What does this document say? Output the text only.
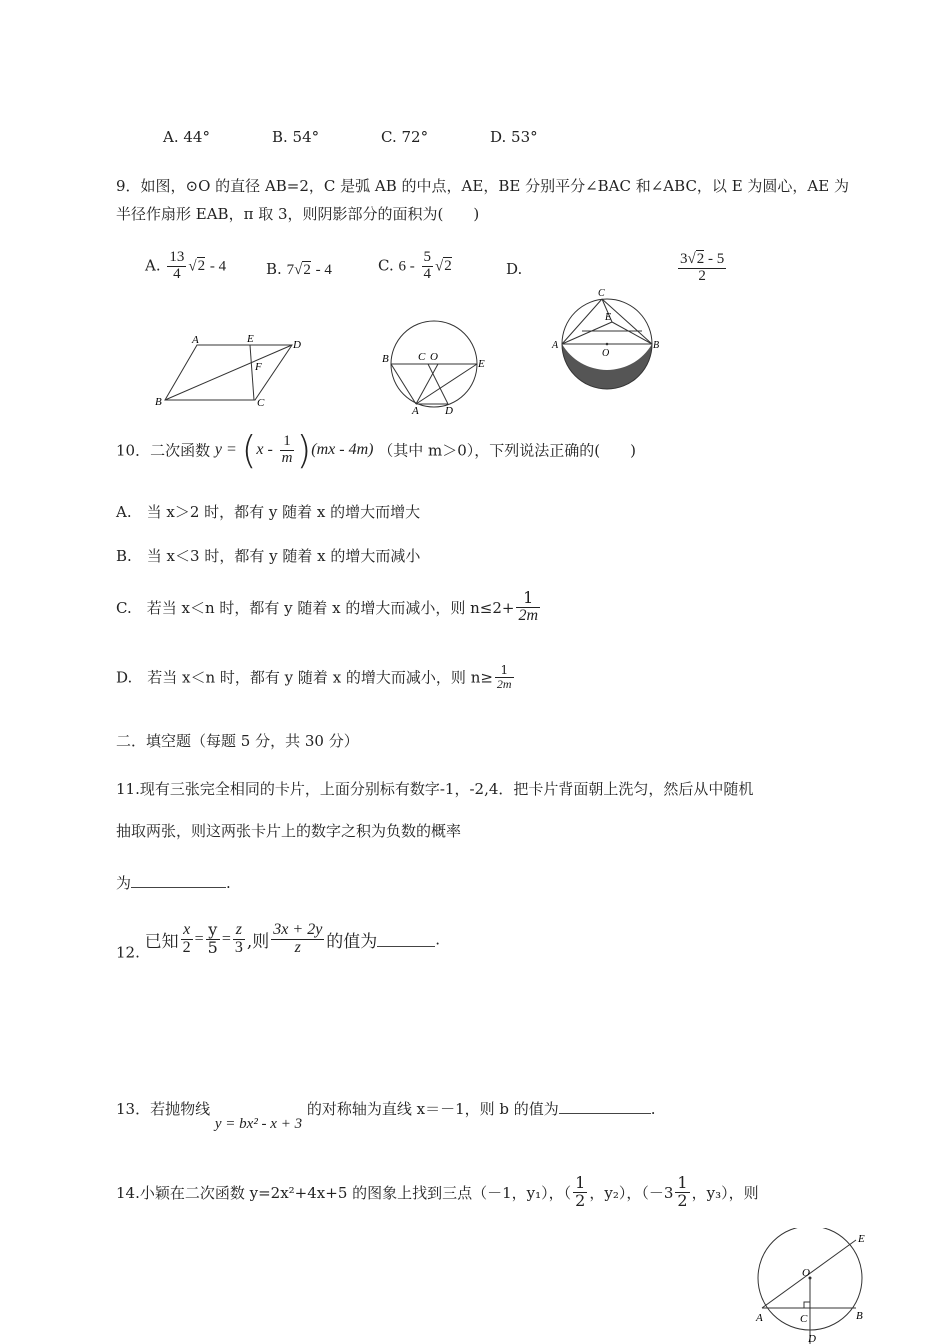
A. 44°	B. 54°	C. 72°	D. 53°
9．如图，⊙O 的直径 AB=2，C 是弧 AB 的中点，AE，BE 分别平分∠BAC 和∠ABC，以 E 为圆心，AE 为
半径作扇形 EAB，π 取 3，则阴影部分的面积为(　　)
A. $\frac{13}{4} √2 - 4$	B. 7√2 - 4	C. $6 - \frac{5}{4} √2$	D.	$\frac{3√2 - 5}{2}$
A	E	D
B	C
F
B	C O
E
A D
C
E
A
O
B
10．二次函数 $y = (x - \frac{1}{m} )(mx - 4m)$ （其中 m＞0），下列说法正确的(　　)
A.　当 x＞2 时，都有 y 随着 x 的增大而增大
B.　当 x＜3 时，都有 y 随着 x 的增大而减小
C.　若当 x＜n 时，都有 y 随着 x 的增大而减小，则 $n\le 2+ \frac{1}{2m}$
D.　若当 x＜n 时，都有 y 随着 x 的增大而减小，则 $n\ge \frac{1}{2m}$
二．填空题（每题 5 分，共 30 分）
11.现有三张完全相同的卡片，上面分别标有数字-1，-2,4．把卡片背面朝上洗匀，然后从中随机
抽取两张，则这两张卡片上的数字之积为负数的概率
为	.
12. 已知 $\frac{x}{2} = \frac{y}{5} = \frac{z}{3}$ ,则 $\frac{3x + 2y}{z}$ 的值为	.
13．若抛物线 y = bx² - x + 3 的对称轴为直线 x＝－1，则 b 的值为	.
14.小颖在二次函数 y=2x²+4x+5 的图象上找到三点（－1，y₁），（ $\frac{1}{2}$ ，y₂），（$-3 \frac{1}{2}$ ，y₃），则
E
O
A	C	B
D
